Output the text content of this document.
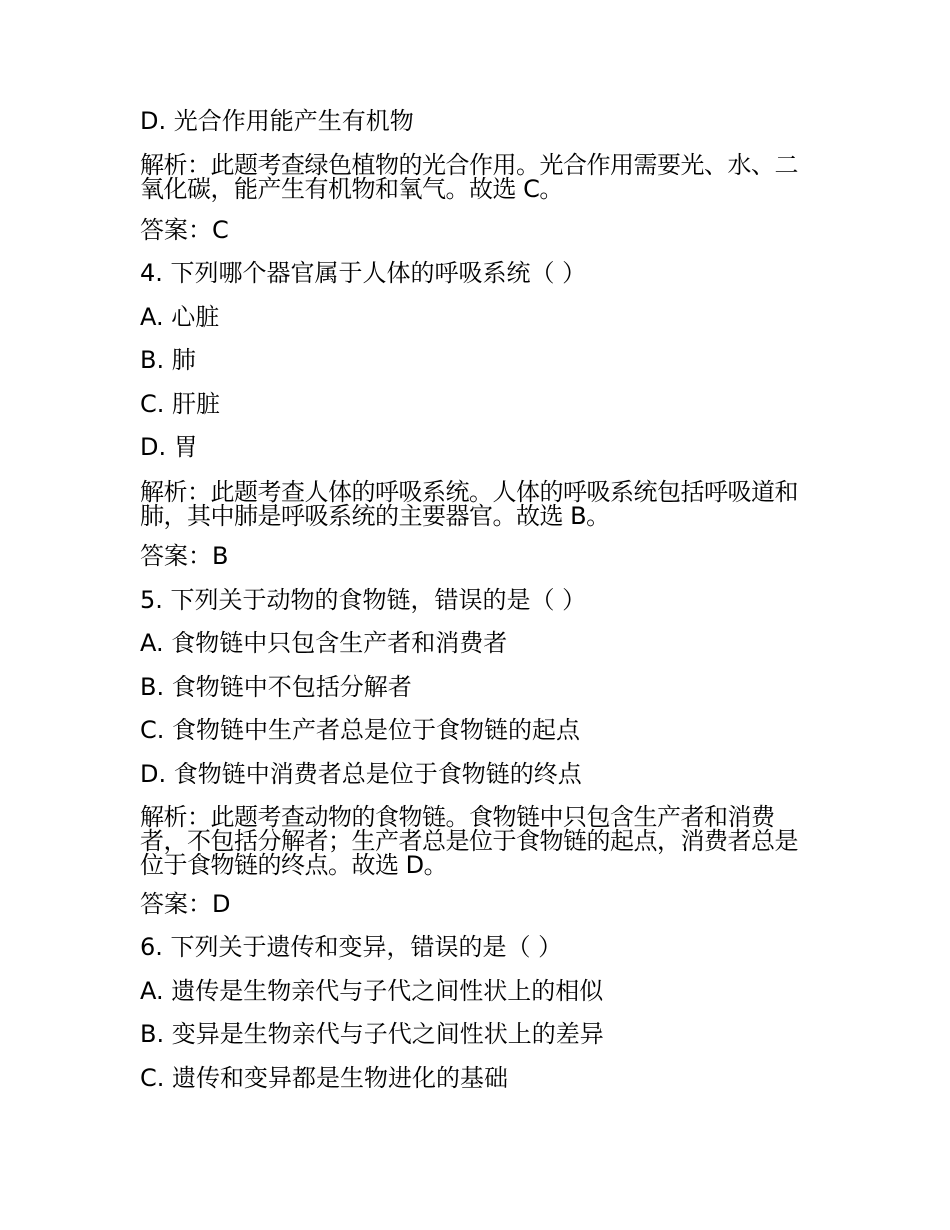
D. 光合作用能产生有机物
解析：此题考查绿色植物的光合作用。光合作用需要光、水、二氧化碳，能产生有机物和氧气。故选 C。
答案：C
4. 下列哪个器官属于人体的呼吸系统（ ）
A. 心脏
B. 肺
C. 肝脏
D. 胃
解析：此题考查人体的呼吸系统。人体的呼吸系统包括呼吸道和肺，其中肺是呼吸系统的主要器官。故选 B。
答案：B
5. 下列关于动物的食物链，错误的是（ ）
A. 食物链中只包含生产者和消费者
B. 食物链中不包括分解者
C. 食物链中生产者总是位于食物链的起点
D. 食物链中消费者总是位于食物链的终点
解析：此题考查动物的食物链。食物链中只包含生产者和消费者，不包括分解者；生产者总是位于食物链的起点，消费者总是位于食物链的终点。故选 D。
答案：D
6. 下列关于遗传和变异，错误的是（ ）
A. 遗传是生物亲代与子代之间性状上的相似
B. 变异是生物亲代与子代之间性状上的差异
C. 遗传和变异都是生物进化的基础
